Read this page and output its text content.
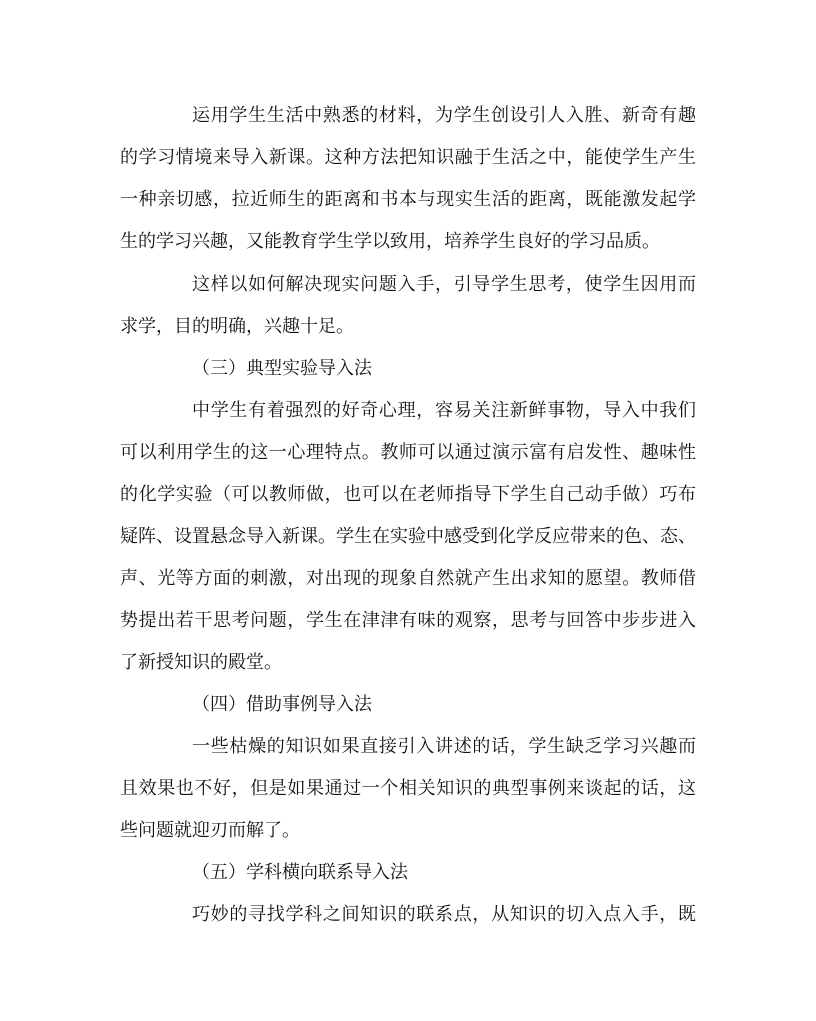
运用学生生活中熟悉的材料，为学生创设引人入胜、新奇有趣
的学习情境来导入新课。这种方法把知识融于生活之中，能使学生产生
一种亲切感，拉近师生的距离和书本与现实生活的距离，既能激发起学
生的学习兴趣，又能教育学生学以致用，培养学生良好的学习品质。
这样以如何解决现实问题入手，引导学生思考，使学生因用而
求学，目的明确，兴趣十足。
（三）典型实验导入法
中学生有着强烈的好奇心理，容易关注新鲜事物，导入中我们
可以利用学生的这一心理特点。教师可以通过演示富有启发性、趣味性
的化学实验（可以教师做，也可以在老师指导下学生自己动手做）巧布
疑阵、设置悬念导入新课。学生在实验中感受到化学反应带来的色、态、
声、光等方面的刺激，对出现的现象自然就产生出求知的愿望。教师借
势提出若干思考问题，学生在津津有味的观察，思考与回答中步步进入
了新授知识的殿堂。
（四）借助事例导入法
一些枯燥的知识如果直接引入讲述的话，学生缺乏学习兴趣而
且效果也不好，但是如果通过一个相关知识的典型事例来谈起的话，这
些问题就迎刃而解了。
（五）学科横向联系导入法
巧妙的寻找学科之间知识的联系点，从知识的切入点入手，既
